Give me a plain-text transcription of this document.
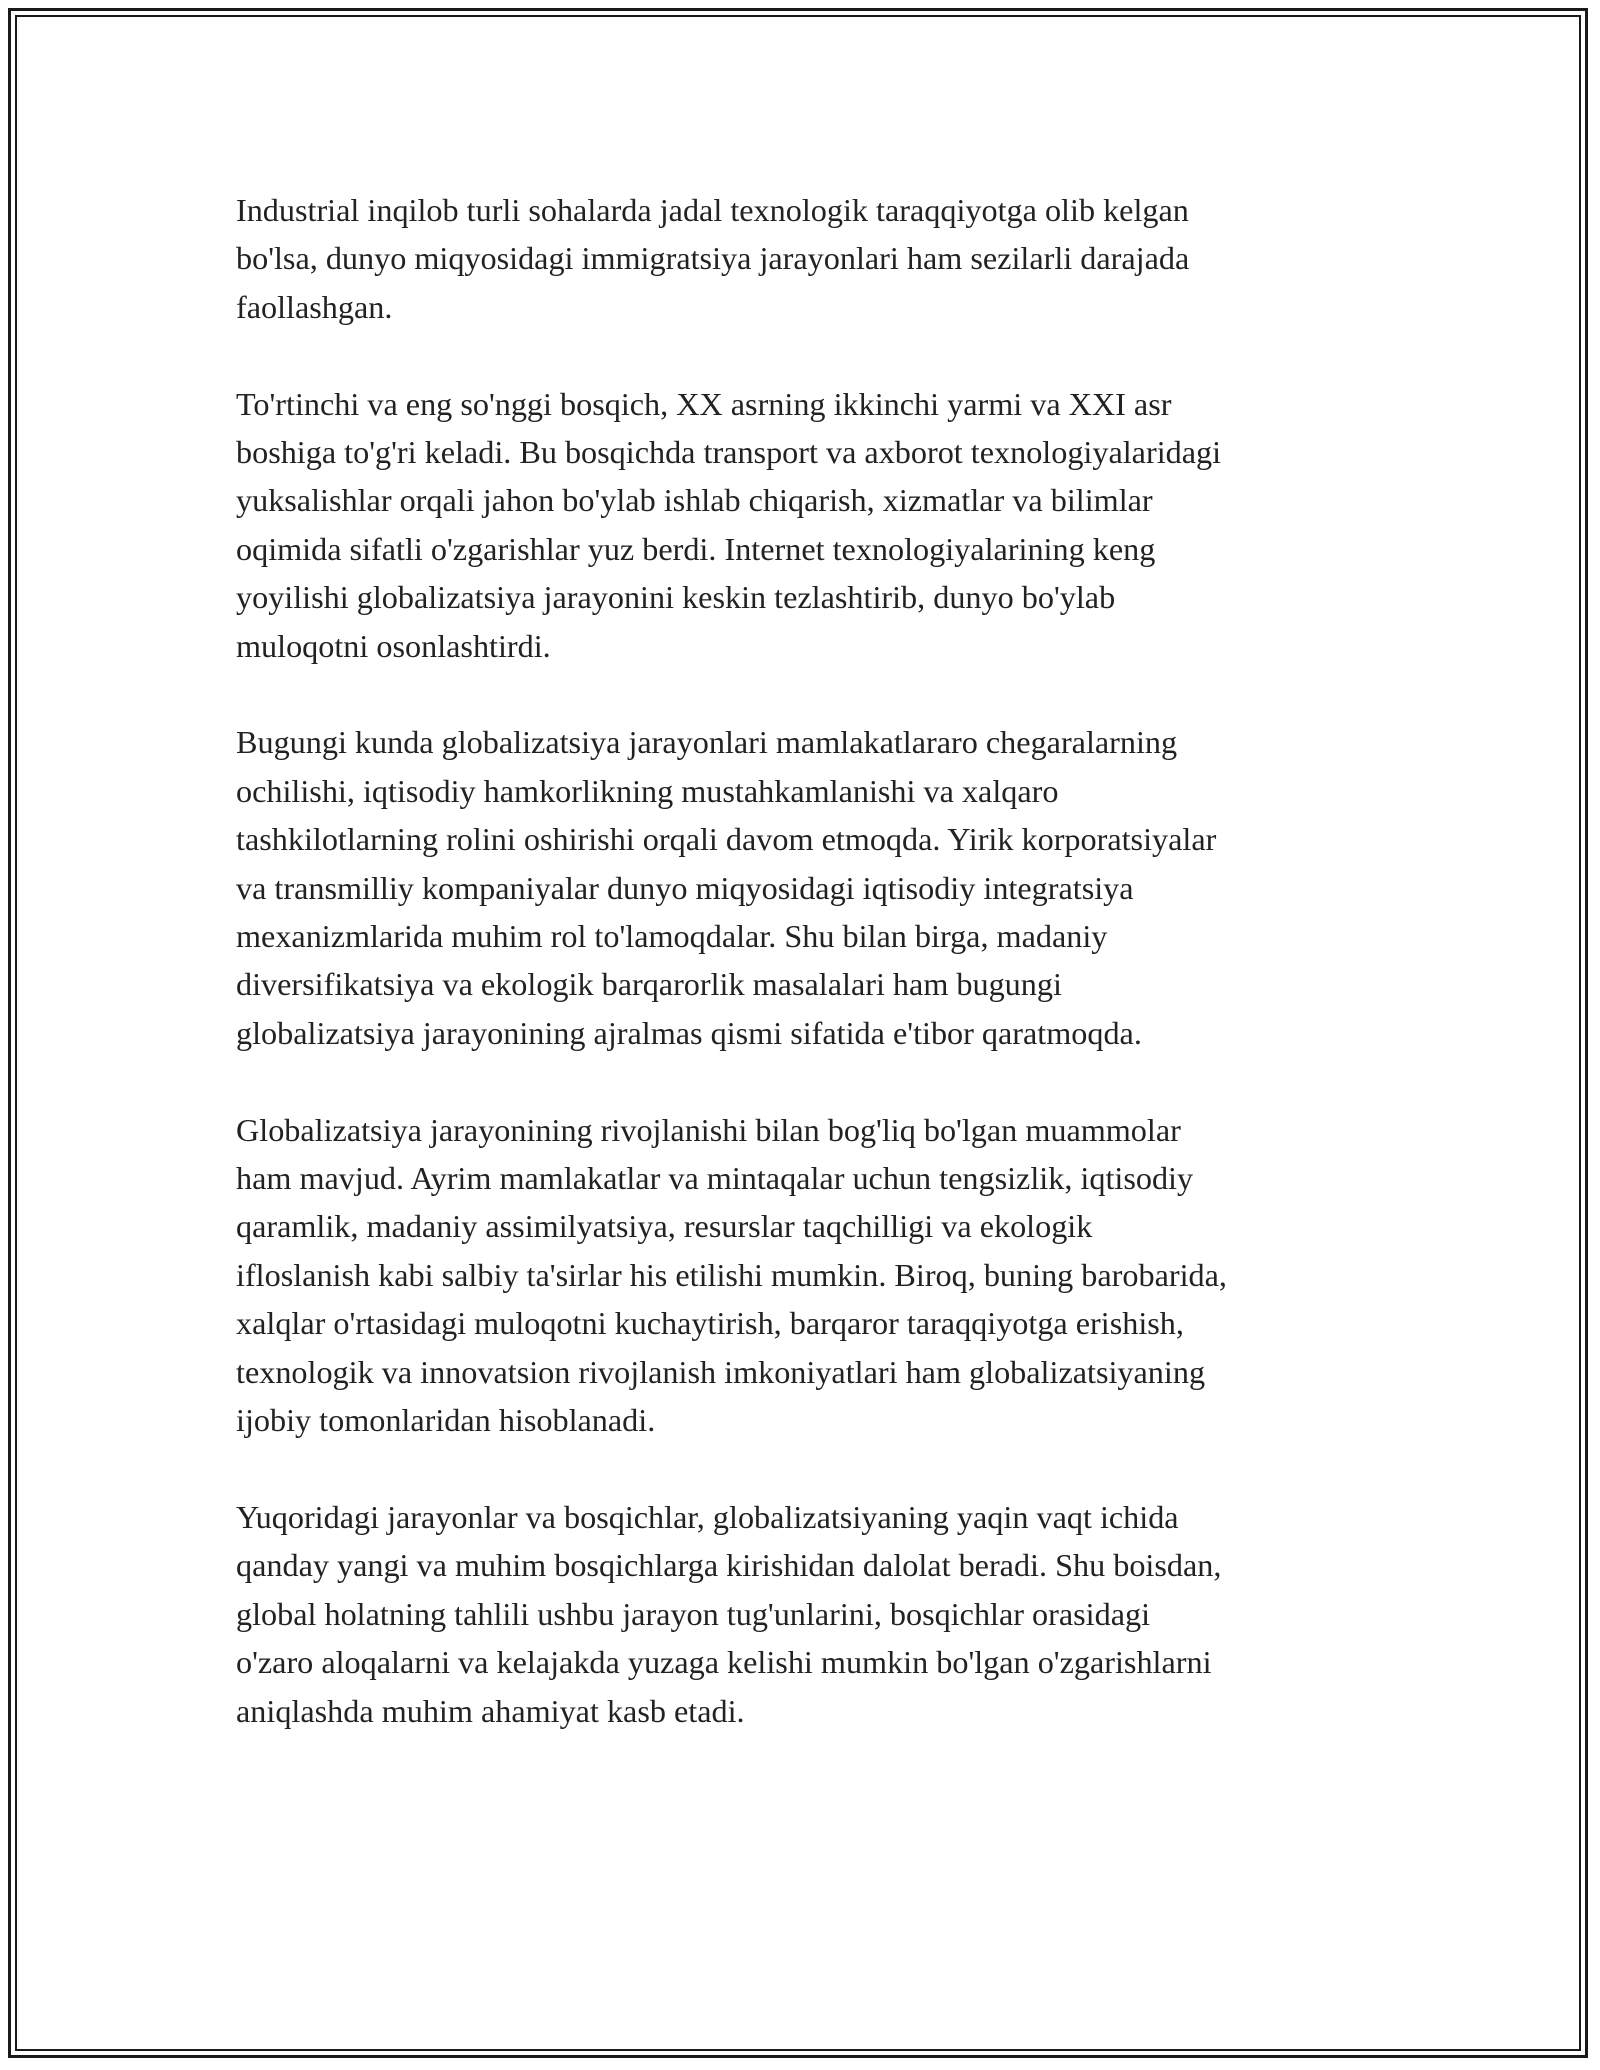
Industrial inqilob turli sohalarda jadal texnologik taraqqiyotga olib kelgan
bo'lsa, dunyo miqyosidagi immigratsiya jarayonlari ham sezilarli darajada
faollashgan.

To'rtinchi va eng so'nggi bosqich, XX asrning ikkinchi yarmi va XXI asr
boshiga to'g'ri keladi. Bu bosqichda transport va axborot texnologiyalaridagi
yuksalishlar orqali jahon bo'ylab ishlab chiqarish, xizmatlar va bilimlar
oqimida sifatli o'zgarishlar yuz berdi. Internet texnologiyalarining keng
yoyilishi globalizatsiya jarayonini keskin tezlashtirib, dunyo bo'ylab
muloqotni osonlashtirdi.

Bugungi kunda globalizatsiya jarayonlari mamlakatlararo chegaralarning
ochilishi, iqtisodiy hamkorlikning mustahkamlanishi va xalqaro
tashkilotlarning rolini oshirishi orqali davom etmoqda. Yirik korporatsiyalar
va transmilliy kompaniyalar dunyo miqyosidagi iqtisodiy integratsiya
mexanizmlarida muhim rol to'lamoqdalar. Shu bilan birga, madaniy
diversifikatsiya va ekologik barqarorlik masalalari ham bugungi
globalizatsiya jarayonining ajralmas qismi sifatida e'tibor qaratmoqda.

Globalizatsiya jarayonining rivojlanishi bilan bog'liq bo'lgan muammolar
ham mavjud. Ayrim mamlakatlar va mintaqalar uchun tengsizlik, iqtisodiy
qaramlik, madaniy assimilyatsiya, resurslar taqchilligi va ekologik
ifloslanish kabi salbiy ta'sirlar his etilishi mumkin. Biroq, buning barobarida,
xalqlar o'rtasidagi muloqotni kuchaytirish, barqaror taraqqiyotga erishish,
texnologik va innovatsion rivojlanish imkoniyatlari ham globalizatsiyaning
ijobiy tomonlaridan hisoblanadi.

Yuqoridagi jarayonlar va bosqichlar, globalizatsiyaning yaqin vaqt ichida
qanday yangi va muhim bosqichlarga kirishidan dalolat beradi. Shu boisdan,
global holatning tahlili ushbu jarayon tug'unlarini, bosqichlar orasidagi
o'zaro aloqalarni va kelajakda yuzaga kelishi mumkin bo'lgan o'zgarishlarni
aniqlashda muhim ahamiyat kasb etadi.
